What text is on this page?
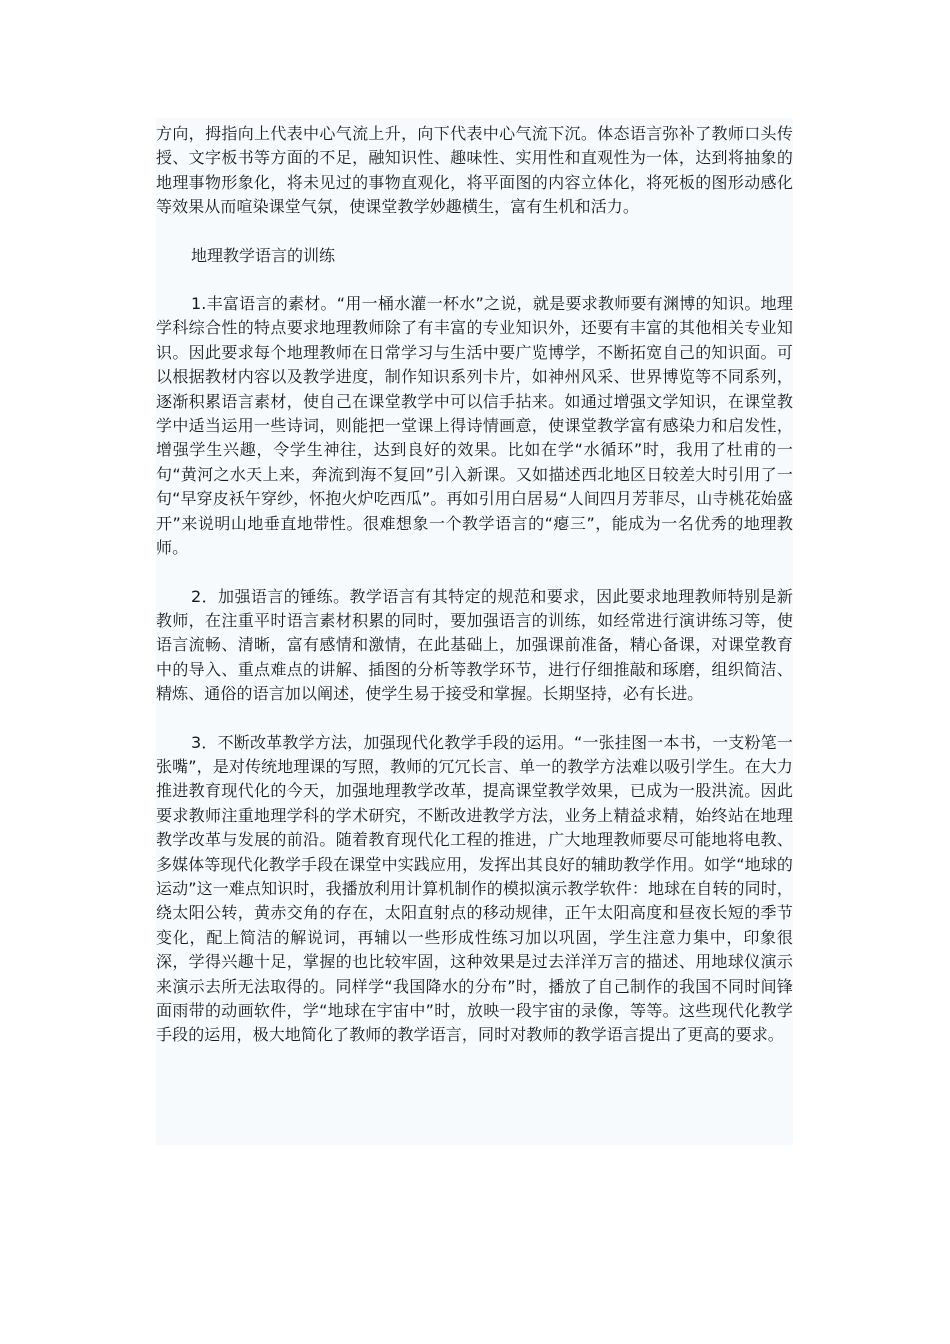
方向，拇指向上代表中心气流上升，向下代表中心气流下沉。体态语言弥补了教师口头传授、文字板书等方面的不足，融知识性、趣味性、实用性和直观性为一体，达到将抽象的地理事物形象化，将未见过的事物直观化，将平面图的内容立体化，将死板的图形动感化等效果从而喧染课堂气氛，使课堂教学妙趣横生，富有生机和活力。

地理教学语言的训练

1.丰富语言的素材。“用一桶水灌一杯水”之说，就是要求教师要有渊博的知识。地理学科综合性的特点要求地理教师除了有丰富的专业知识外，还要有丰富的其他相关专业知识。因此要求每个地理教师在日常学习与生活中要广览博学，不断拓宽自己的知识面。可以根据教材内容以及教学进度，制作知识系列卡片，如神州风采、世界博览等不同系列，逐渐积累语言素材，使自己在课堂教学中可以信手拈来。如通过增强文学知识，在课堂教学中适当运用一些诗词，则能把一堂课上得诗情画意，使课堂教学富有感染力和启发性，增强学生兴趣，令学生神往，达到良好的效果。比如在学“水循环”时，我用了杜甫的一句“黄河之水天上来，奔流到海不复回”引入新课。又如描述西北地区日较差大时引用了一句“早穿皮袄午穿纱，怀抱火炉吃西瓜”。再如引用白居易“人间四月芳菲尽，山寺桃花始盛开”来说明山地垂直地带性。很难想象一个教学语言的“瘪三”，能成为一名优秀的地理教师。

2．加强语言的锤练。教学语言有其特定的规范和要求，因此要求地理教师特别是新教师，在注重平时语言素材积累的同时，要加强语言的训练，如经常进行演讲练习等，使语言流畅、清晰，富有感情和激情，在此基础上，加强课前准备，精心备课，对课堂教育中的导入、重点难点的讲解、插图的分析等教学环节，进行仔细推敲和琢磨，组织简洁、精炼、通俗的语言加以阐述，使学生易于接受和掌握。长期坚持，必有长进。

3．不断改革教学方法，加强现代化教学手段的运用。“一张挂图一本书，一支粉笔一张嘴”，是对传统地理课的写照，教师的冗冗长言、单一的教学方法难以吸引学生。在大力推进教育现代化的今天，加强地理教学改革，提高课堂教学效果，已成为一股洪流。因此要求教师注重地理学科的学术研究，不断改进教学方法，业务上精益求精，始终站在地理教学改革与发展的前沿。随着教育现代化工程的推进，广大地理教师要尽可能地将电教、多媒体等现代化教学手段在课堂中实践应用，发挥出其良好的辅助教学作用。如学“地球的运动”这一难点知识时，我播放利用计算机制作的模拟演示教学软件：地球在自转的同时，绕太阳公转，黄赤交角的存在，太阳直射点的移动规律，正午太阳高度和昼夜长短的季节变化，配上简洁的解说词，再辅以一些形成性练习加以巩固，学生注意力集中，印象很深，学得兴趣十足，掌握的也比较牢固，这种效果是过去洋洋万言的描述、用地球仪演示来演示去所无法取得的。同样学“我国降水的分布”时，播放了自己制作的我国不同时间锋面雨带的动画软件，学“地球在宇宙中”时，放映一段宇宙的录像，等等。这些现代化教学手段的运用，极大地简化了教师的教学语言，同时对教师的教学语言提出了更高的要求。
